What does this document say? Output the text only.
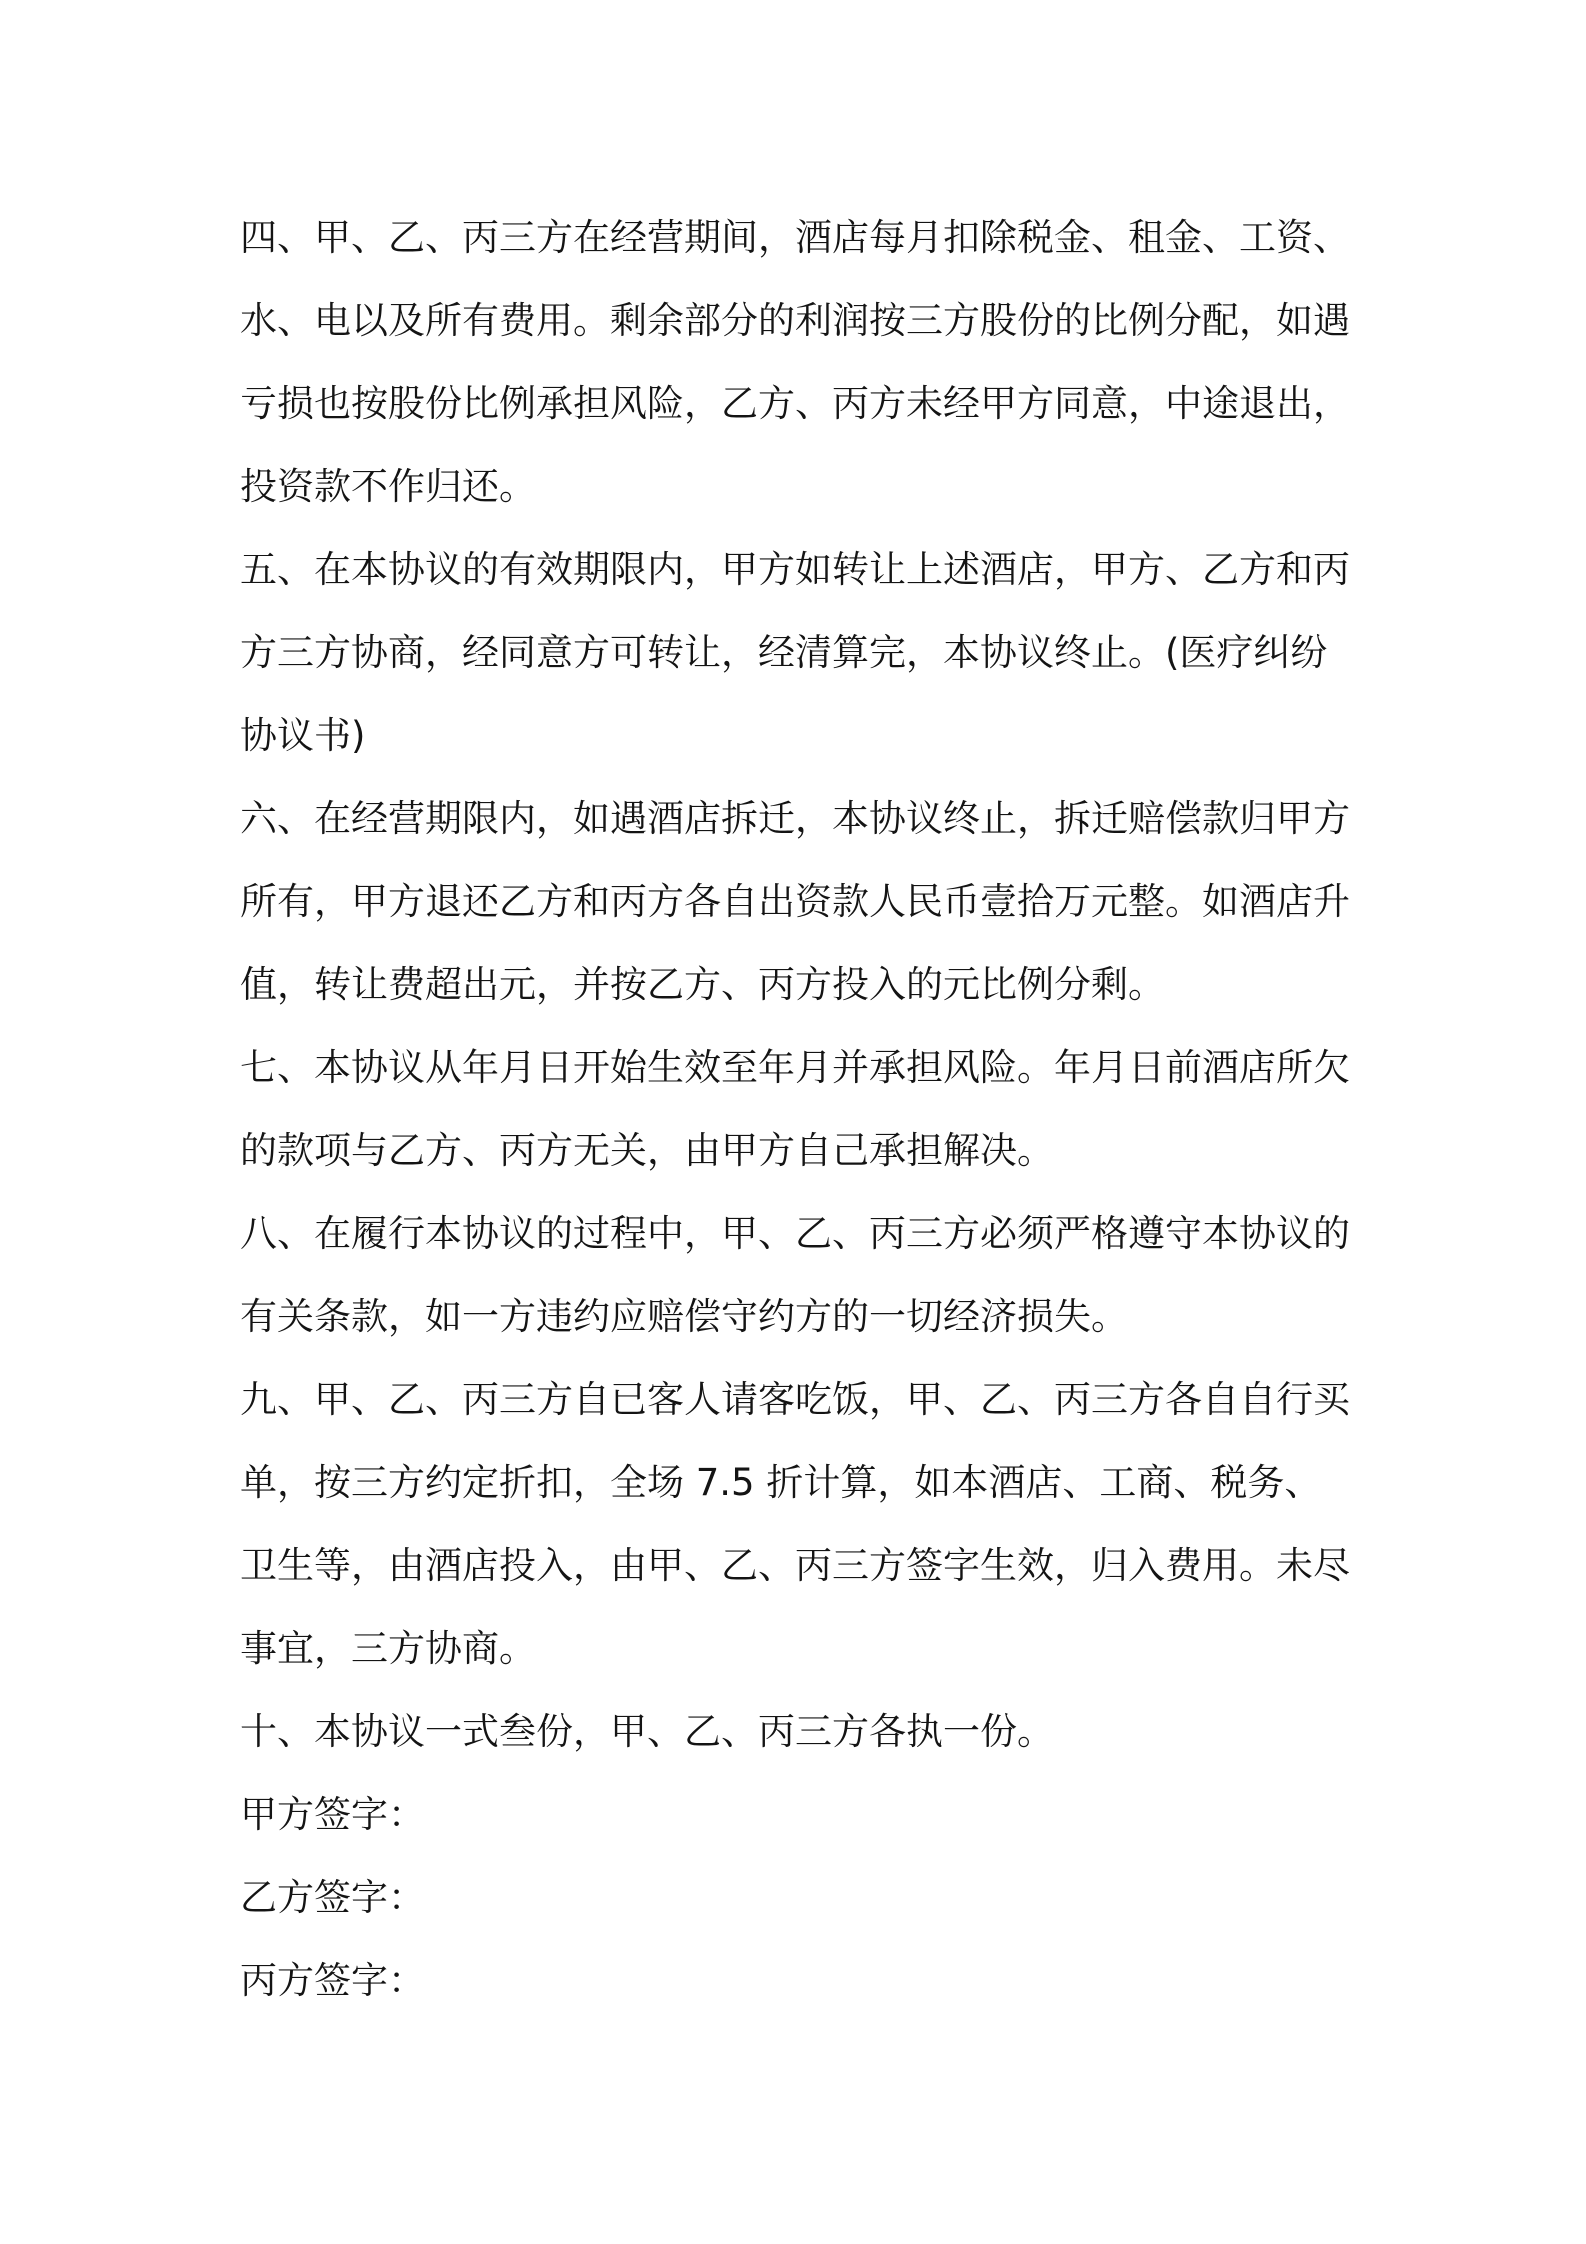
四、甲、乙、丙三方在经营期间，酒店每月扣除税金、租金、工资、水、电以及所有费用。剩余部分的利润按三方股份的比例分配，如遇亏损也按股份比例承担风险，乙方、丙方未经甲方同意，中途退出，投资款不作归还。

五、在本协议的有效期限内，甲方如转让上述酒店，甲方、乙方和丙方三方协商，经同意方可转让，经清算完，本协议终止。(医疗纠纷协议书)

六、在经营期限内，如遇酒店拆迁，本协议终止，拆迁赔偿款归甲方所有，甲方退还乙方和丙方各自出资款人民币壹拾万元整。如酒店升值，转让费超出元，并按乙方、丙方投入的元比例分剩。

七、本协议从年月日开始生效至年月并承担风险。年月日前酒店所欠的款项与乙方、丙方无关，由甲方自己承担解决。

八、在履行本协议的过程中，甲、乙、丙三方必须严格遵守本协议的有关条款，如一方违约应赔偿守约方的一切经济损失。

九、甲、乙、丙三方自已客人请客吃饭，甲、乙、丙三方各自自行买单，按三方约定折扣，全场 7.5 折计算，如本酒店、工商、税务、卫生等，由酒店投入，由甲、乙、丙三方签字生效，归入费用。未尽事宜，三方协商。

十、本协议一式叁份，甲、乙、丙三方各执一份。

甲方签字：

乙方签字：

丙方签字：
